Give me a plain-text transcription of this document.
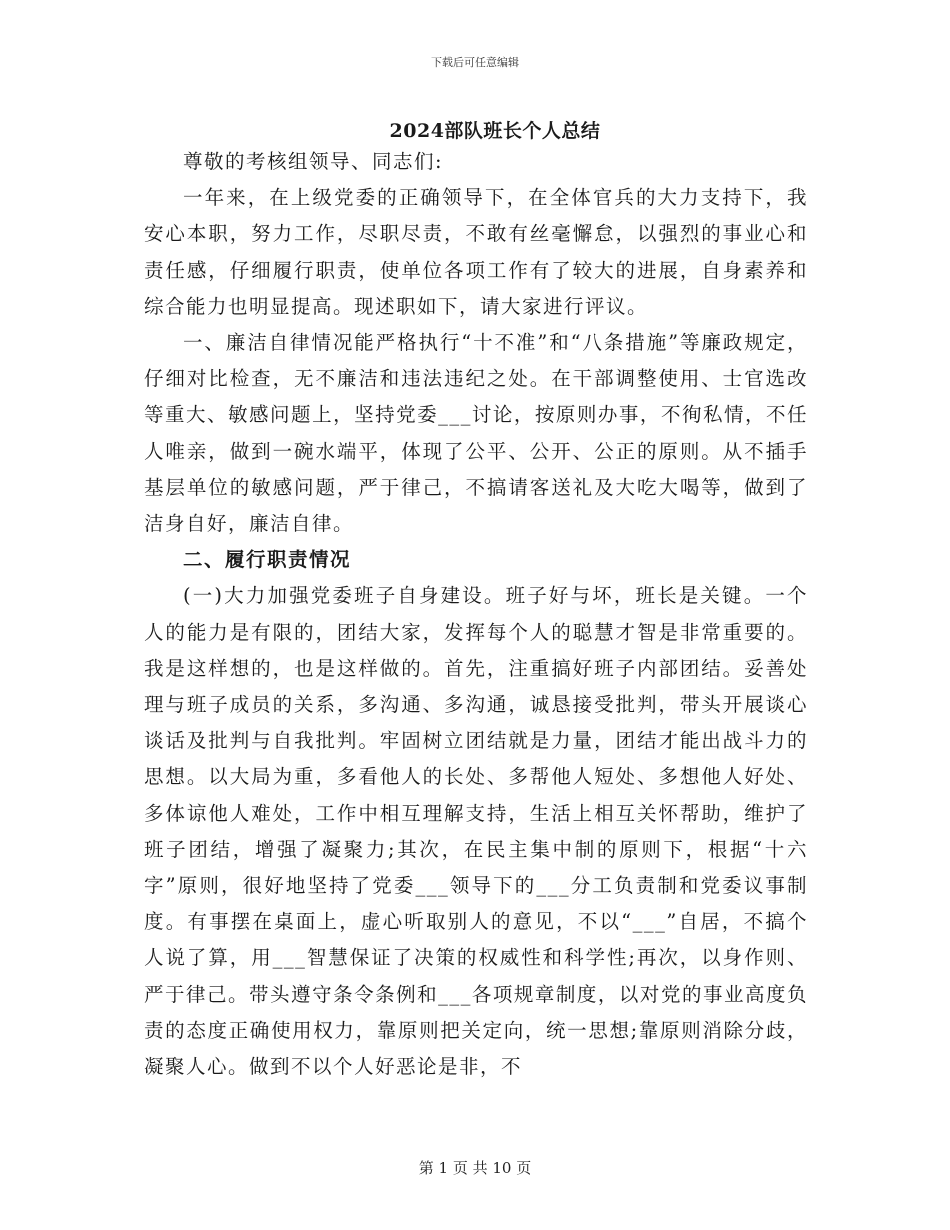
下载后可任意编辑
2024部队班长个人总结

尊敬的考核组领导、同志们:

一年来，在上级党委的正确领导下，在全体官兵的大力支持下，我安心本职，努力工作，尽职尽责，不敢有丝毫懈怠，以强烈的事业心和责任感，仔细履行职责，使单位各项工作有了较大的进展，自身素养和综合能力也明显提高。现述职如下，请大家进行评议。

一、廉洁自律情况能严格执行“十不准”和“八条措施”等廉政规定，仔细对比检查，无不廉洁和违法违纪之处。在干部调整使用、士官选改等重大、敏感问题上，坚持党委___讨论，按原则办事，不徇私情，不任人唯亲，做到一碗水端平，体现了公平、公开、公正的原则。从不插手基层单位的敏感问题，严于律己，不搞请客送礼及大吃大喝等，做到了洁身自好，廉洁自律。

二、履行职责情况

(一)大力加强党委班子自身建设。班子好与坏，班长是关键。一个人的能力是有限的，团结大家，发挥每个人的聪慧才智是非常重要的。我是这样想的，也是这样做的。首先，注重搞好班子内部团结。妥善处理与班子成员的关系，多沟通、多沟通，诚恳接受批判，带头开展谈心谈话及批判与自我批判。牢固树立团结就是力量，团结才能出战斗力的思想。以大局为重，多看他人的长处、多帮他人短处、多想他人好处、多体谅他人难处，工作中相互理解支持，生活上相互关怀帮助，维护了班子团结，增强了凝聚力;其次，在民主集中制的原则下，根据“十六字”原则，很好地坚持了党委___领导下的___分工负责制和党委议事制度。有事摆在桌面上，虚心听取别人的意见，不以“___”自居，不搞个人说了算，用___智慧保证了决策的权威性和科学性;再次，以身作则、严于律己。带头遵守条令条例和___各项规章制度，以对党的事业高度负责的态度正确使用权力，靠原则把关定向，统一思想;靠原则消除分歧，凝聚人心。做到不以个人好恶论是非，不

第 1 页 共 10 页
